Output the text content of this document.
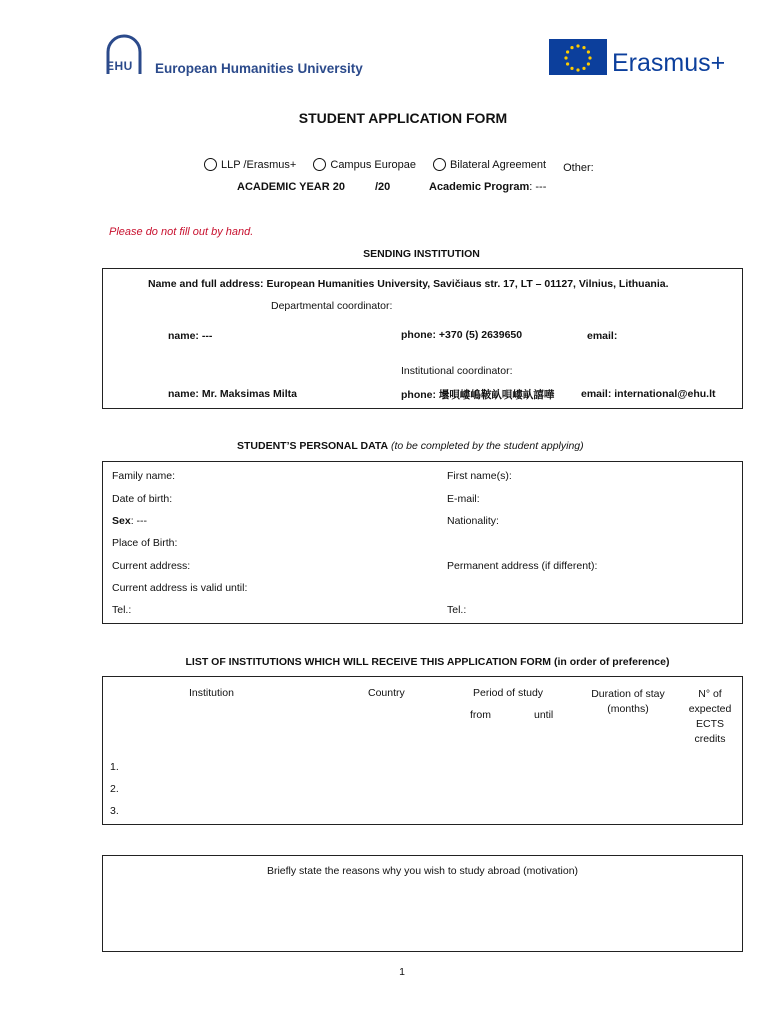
EHU European Humanities University	Erasmus+
STUDENT APPLICATION FORM
LLP /Erasmus+
	Campus Europae
	Bilateral Agreement Other:
ACADEMIC YEAR 20	/20	Academic Program: ---
Please do not fill out by hand.
SENDING INSTITUTION
Name and full address: European Humanities University, Savičiaus str. 17, LT – 01127, Vilnius, Lithuania.
Departmental coordinator:
name: ---	phone: +370 (5) 2639650	email:
Institutional coordinator:
name: Mr. Maksimas Milta	phone: 壜唄嶁嶋鞁畒唄嶁畒譆嘩	email: international@ehu.lt
STUDENT’S PERSONAL DATA (to be completed by the student applying)
Family name:	First name(s):
Date of birth:	E-mail:
Sex: ---	Nationality:
Place of Birth:
Current address:	Permanent address (if different):
Current address is valid until:
Tel.:	Tel.:
LIST OF INSTITUTIONS WHICH WILL RECEIVE THIS APPLICATION FORM (in order of preference)
Institution	Country	Period of study
from	until
Duration of stay (months)
N° of expected ECTS credits
1.
2.
3.
Briefly state the reasons why you wish to study abroad (motivation)
1
